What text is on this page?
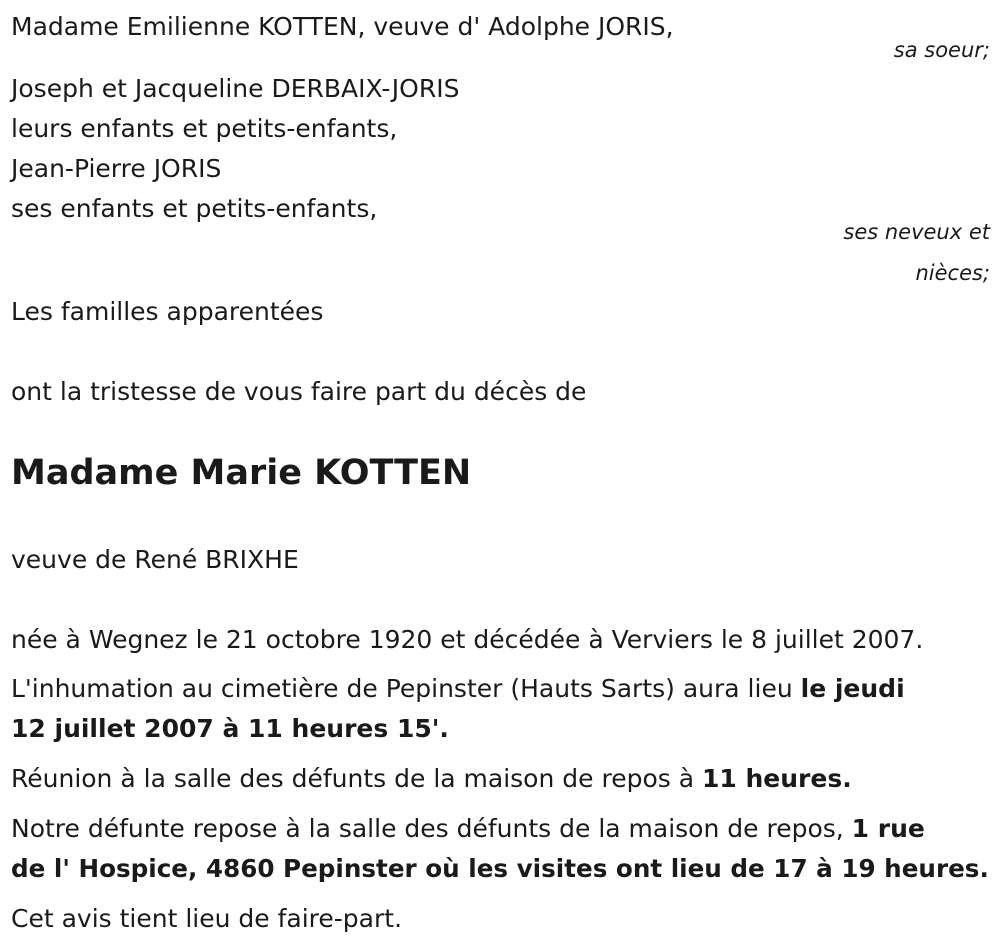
Madame Emilienne KOTTEN, veuve d' Adolphe JORIS,

sa soeur;

Joseph et Jacqueline DERBAIX-JORIS

leurs enfants et petits-enfants,

Jean-Pierre JORIS

ses enfants et petits-enfants,

ses neveux et

nièces;

Les familles apparentées

ont la tristesse de vous faire part du décès de

Madame Marie KOTTEN

veuve de René BRIXHE

née à Wegnez le 21 octobre 1920 et décédée à Verviers le 8 juillet 2007.

L'inhumation au cimetière de Pepinster (Hauts Sarts) aura lieu le jeudi

12 juillet 2007 à 11 heures 15'.

Réunion à la salle des défunts de la maison de repos à 11 heures.

Notre défunte repose à la salle des défunts de la maison de repos, 1 rue

de l' Hospice, 4860 Pepinster où les visites ont lieu de 17 à 19 heures.

Cet avis tient lieu de faire-part.
